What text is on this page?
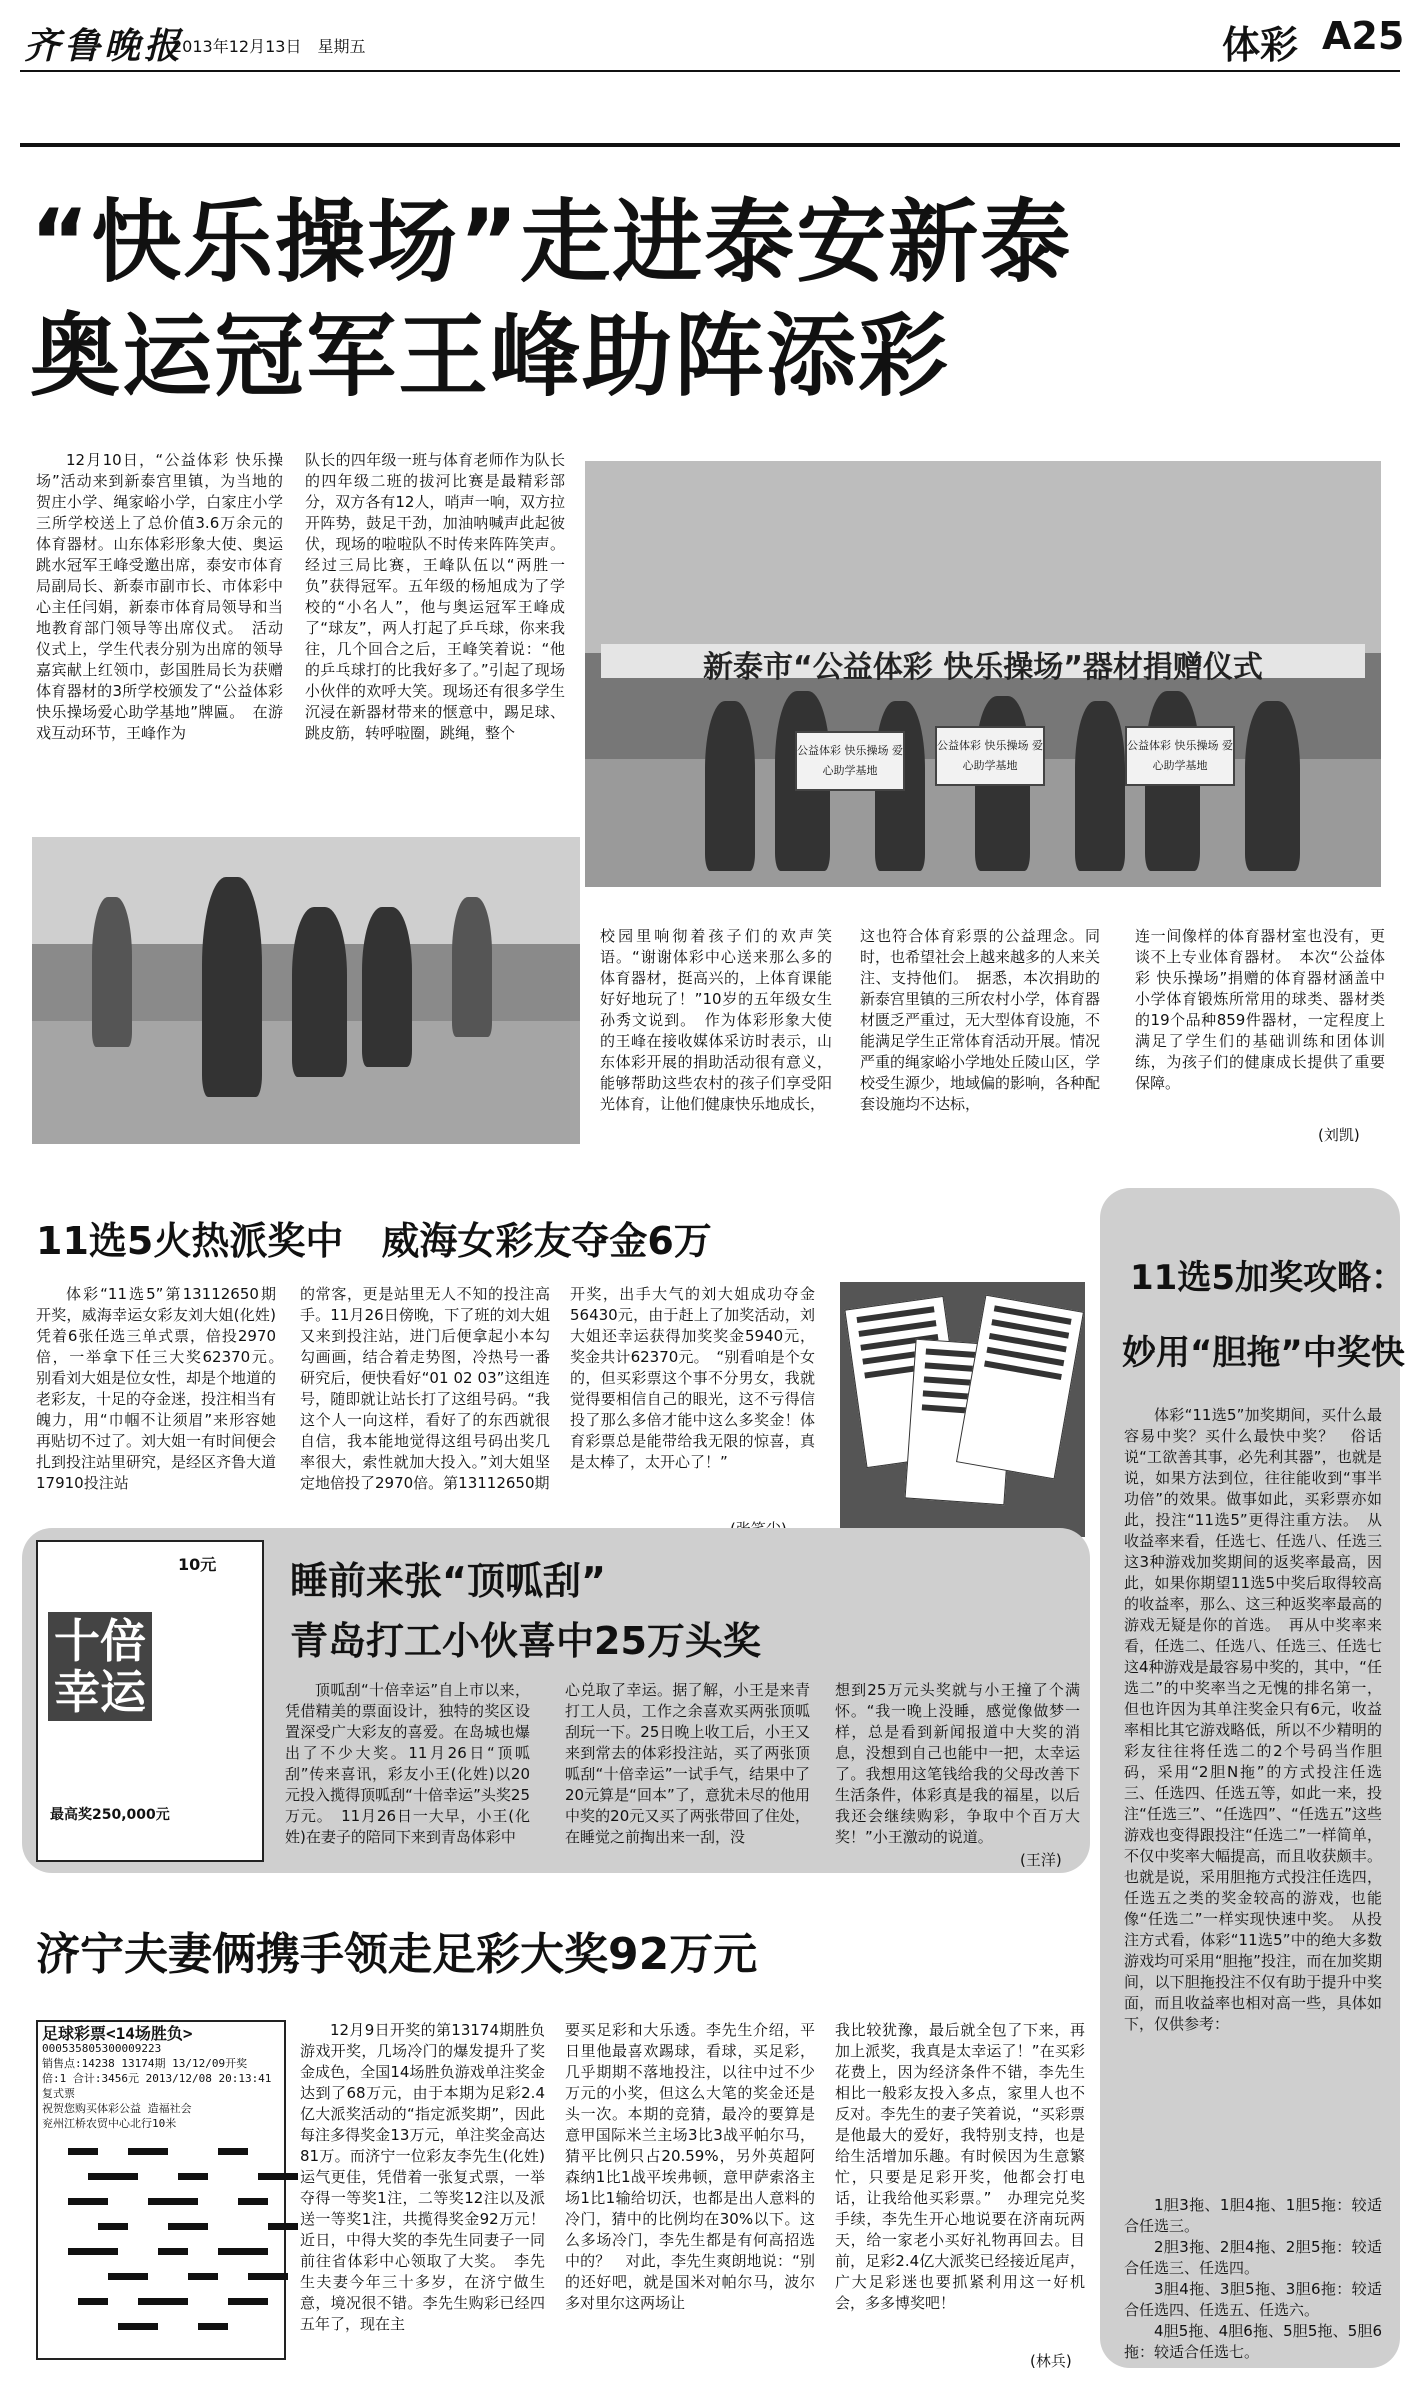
齐鲁晚报
2013年12月13日　星期五	体彩 A25
“快乐操场”走进泰安新泰
奥运冠军王峰助阵添彩

12月10日，“公益体彩 快乐操场”活动来到新泰宫里镇，为当地的贺庄小学、绳家峪小学，白家庄小学三所学校送上了总价值3.6万余元的体育器材。山东体彩形象大使、奥运跳水冠军王峰受邀出席，泰安市体育局副局长、新泰市副市长、市体彩中心主任闫娟，新泰市体育局领导和当地教育部门领导等出席仪式。　活动仪式上，学生代表分别为出席的领导嘉宾献上红领巾，彭国胜局长为获赠体育器材的3所学校颁发了“公益体彩快乐操场爱心助学基地”牌匾。　在游戏互动环节，王峰作为

队长的四年级一班与体育老师作为队长的四年级二班的拔河比赛是最精彩部分，双方各有12人，哨声一响，双方拉开阵势，鼓足干劲，加油呐喊声此起彼伏，现场的啦啦队不时传来阵阵笑声。经过三局比赛，王峰队伍以“两胜一负”获得冠军。五年级的杨旭成为了学校的“小名人”，他与奥运冠军王峰成了“球友”，两人打起了乒乓球，你来我往，几个回合之后，王峰笑着说：“他的乒乓球打的比我好多了。”引起了现场小伙伴的欢呼大笑。现场还有很多学生沉浸在新器材带来的惬意中，踢足球、跳皮筋，转呼啦圈，跳绳，整个

新泰市“公益体彩 快乐操场”器材捐赠仪式
公益体彩 快乐操场 爱心助学基地
公益体彩 快乐操场 爱心助学基地
公益体彩 快乐操场 爱心助学基地

校园里响彻着孩子们的欢声笑语。“谢谢体彩中心送来那么多的体育器材，挺高兴的，上体育课能好好地玩了！”10岁的五年级女生孙秀文说到。　作为体彩形象大使的王峰在接收媒体采访时表示，山东体彩开展的捐助活动很有意义，能够帮助这些农村的孩子们享受阳光体育，让他们健康快乐地成长，

这也符合体育彩票的公益理念。同时，也希望社会上越来越多的人来关注、支持他们。　据悉，本次捐助的新泰宫里镇的三所农村小学，体育器材匮乏严重过，无大型体育设施，不能满足学生正常体育活动开展。情况严重的绳家峪小学地处丘陵山区，学校受生源少，地域偏的影响，各种配套设施均不达标，

连一间像样的体育器材室也没有，更谈不上专业体育器材。　本次“公益体彩 快乐操场”捐赠的体育器材涵盖中小学体育锻炼所常用的球类、器材类的19个品种859件器材，一定程度上满足了学生们的基础训练和团体训练，为孩子们的健康成长提供了重要保障。

(刘凯)
11选5加奖攻略：
妙用“胆拖”中奖快

体彩“11选5”加奖期间，买什么最容易中奖？买什么最快中奖？　俗话说“工欲善其事，必先利其器”，也就是说，如果方法到位，往往能收到“事半功倍”的效果。做事如此，买彩票亦如此，投注“11选5”更得注重方法。　从收益率来看，任选七、任选八、任选三这3种游戏加奖期间的返奖率最高，因此，如果你期望11选5中奖后取得较高的收益率，那么、这三种返奖率最高的游戏无疑是你的首选。　再从中奖率来看，任选二、任选八、任选三、任选七这4种游戏是最容易中奖的，其中，“任选二”的中奖率当之无愧的排名第一，但也许因为其单注奖金只有6元，收益率相比其它游戏略低，所以不少精明的彩友往往将任选二的2个号码当作胆码，采用“2胆N拖”的方式投注任选三、任选四、任选五等，如此一来，投注“任选三”、“任选四”、“任选五”这些游戏也变得跟投注“任选二”一样简单，不仅中奖率大幅提高，而且收获颇丰。也就是说，采用胆拖方式投注任选四，任选五之类的奖金较高的游戏，也能像“任选二”一样实现快速中奖。　从投注方式看，体彩“11选5”中的绝大多数游戏均可采用“胆拖”投注，而在加奖期间，以下胆拖投注不仅有助于提升中奖面，而且收益率也相对高一些，具体如下，仅供参考：

1胆3拖、1胆4拖、1胆5拖：较适合任选三。

2胆3拖、2胆4拖、2胆5拖：较适合任选三、任选四。

3胆4拖、3胆5拖、3胆6拖：较适合任选四、任选五、任选六。

4胆5拖、4胆6拖、5胆5拖、5胆6拖：较适合任选七。

11选5火热派奖中　威海女彩友夺金6万

体彩“11选5”第13112650期开奖，威海幸运女彩友刘大姐(化姓)凭着6张任选三单式票，倍投2970倍，一举拿下任三大奖62370元。　别看刘大姐是位女性，却是个地道的老彩友，十足的夺金迷，投注相当有魄力，用“巾帼不让须眉”来形容她再贴切不过了。刘大姐一有时间便会扎到投注站里研究，是经区齐鲁大道17910投注站

的常客，更是站里无人不知的投注高手。11月26日傍晚，下了班的刘大姐又来到投注站，进门后便拿起小本勾勾画画，结合着走势图，冷热号一番研究后，便快看好“01 02 03”这组连号，随即就让站长打了这组号码。“我这个人一向这样，看好了的东西就很自信，我本能地觉得这组号码出奖几率很大，索性就加大投入。”刘大姐坚定地倍投了2970倍。第13112650期

开奖，出手大气的刘大姐成功夺金56430元，由于赶上了加奖活动，刘大姐还幸运获得加奖奖金5940元，奖金共计62370元。　“别看咱是个女的，但买彩票这个事不分男女，我就觉得要相信自己的眼光，这不亏得信投了那么多倍才能中这么多奖金！体育彩票总是能带给我无限的惊喜，真是太棒了，太开心了！”

10元
十倍
幸运
最高奖250,000元
睡前来张“顶呱刮”
青岛打工小伙喜中25万头奖

顶呱刮“十倍幸运”自上市以来，凭借精美的票面设计，独特的奖区设置深受广大彩友的喜爱。在岛城也爆出了不少大奖。11月26日“顶呱刮”传来喜讯，彩友小王(化姓)以20元投入揽得顶呱刮“十倍幸运”头奖25万元。　11月26日一大早，小王(化姓)在妻子的陪同下来到青岛体彩中

心兑取了幸运。据了解，小王是来青打工人员，工作之余喜欢买两张顶呱刮玩一下。25日晚上收工后，小王又来到常去的体彩投注站，买了两张顶呱刮“十倍幸运”一试手气，结果中了20元算是“回本”了，意犹未尽的他用中奖的20元又买了两张带回了住处，在睡觉之前掏出来一刮，没

想到25万元头奖就与小王撞了个满怀。“我一晚上没睡，感觉像做梦一样，总是看到新闻报道中大奖的消息，没想到自己也能中一把，太幸运了。我想用这笔钱给我的父母改善下生活条件，体彩真是我的福星，以后我还会继续购彩，争取中个百万大奖！”小王激动的说道。

(王洋)
济宁夫妻俩携手领走足彩大奖92万元
足球彩票<14场胜负>
000535805300009223
销售点:14238 13174期 13/12/09开奖
倍:1 合计:3456元 2013/12/08 20:13:41
复式票
祝贺您购买体彩公益 造福社会
兖州江桥农贸中心北行10米

12月9日开奖的第13174期胜负游戏开奖，几场冷门的爆发提升了奖金成色，全国14场胜负游戏单注奖金达到了68万元，由于本期为足彩2.4亿大派奖活动的“指定派奖期”，因此每注多得奖金13万元，单注奖金高达81万。而济宁一位彩友李先生(化姓)运气更佳，凭借着一张复式票，一举夺得一等奖1注，二等奖12注以及派送一等奖1注，共揽得奖金92万元！近日，中得大奖的李先生同妻子一同前往省体彩中心领取了大奖。　李先生夫妻今年三十多岁，在济宁做生意，境况很不错。李先生购彩已经四五年了，现在主

要买足彩和大乐透。李先生介绍，平日里他最喜欢踢球，看球，买足彩，几乎期期不落地投注，以往中过不少万元的小奖，但这么大笔的奖金还是头一次。本期的竞猜，最冷的要算是意甲国际米兰主场3比3战平帕尔马，猜平比例只占20.59%，另外英超阿森纳1比1战平埃弗顿，意甲萨索洛主场1比1输给切沃，也都是出人意料的冷门，猜中的比例均在30%以下。这么多场冷门，李先生都是有何高招选中的？　对此，李先生爽朗地说：“别的还好吧，就是国米对帕尔马，波尔多对里尔这两场让

我比较犹豫，最后就全包了下来，再加上派奖，我真是太幸运了！”在买彩花费上，因为经济条件不错，李先生相比一般彩友投入多点，家里人也不反对。李先生的妻子笑着说，“买彩票是他最大的爱好，我特别支持，也是给生活增加乐趣。有时候因为生意繁忙，只要是足彩开奖，他都会打电话，让我给他买彩票。”　办理完兑奖手续，李先生开心地说要在济南玩两天，给一家老小买好礼物再回去。目前，足彩2.4亿大派奖已经接近尾声，广大足彩迷也要抓紧利用这一好机会，多多博奖吧！

(林兵)
